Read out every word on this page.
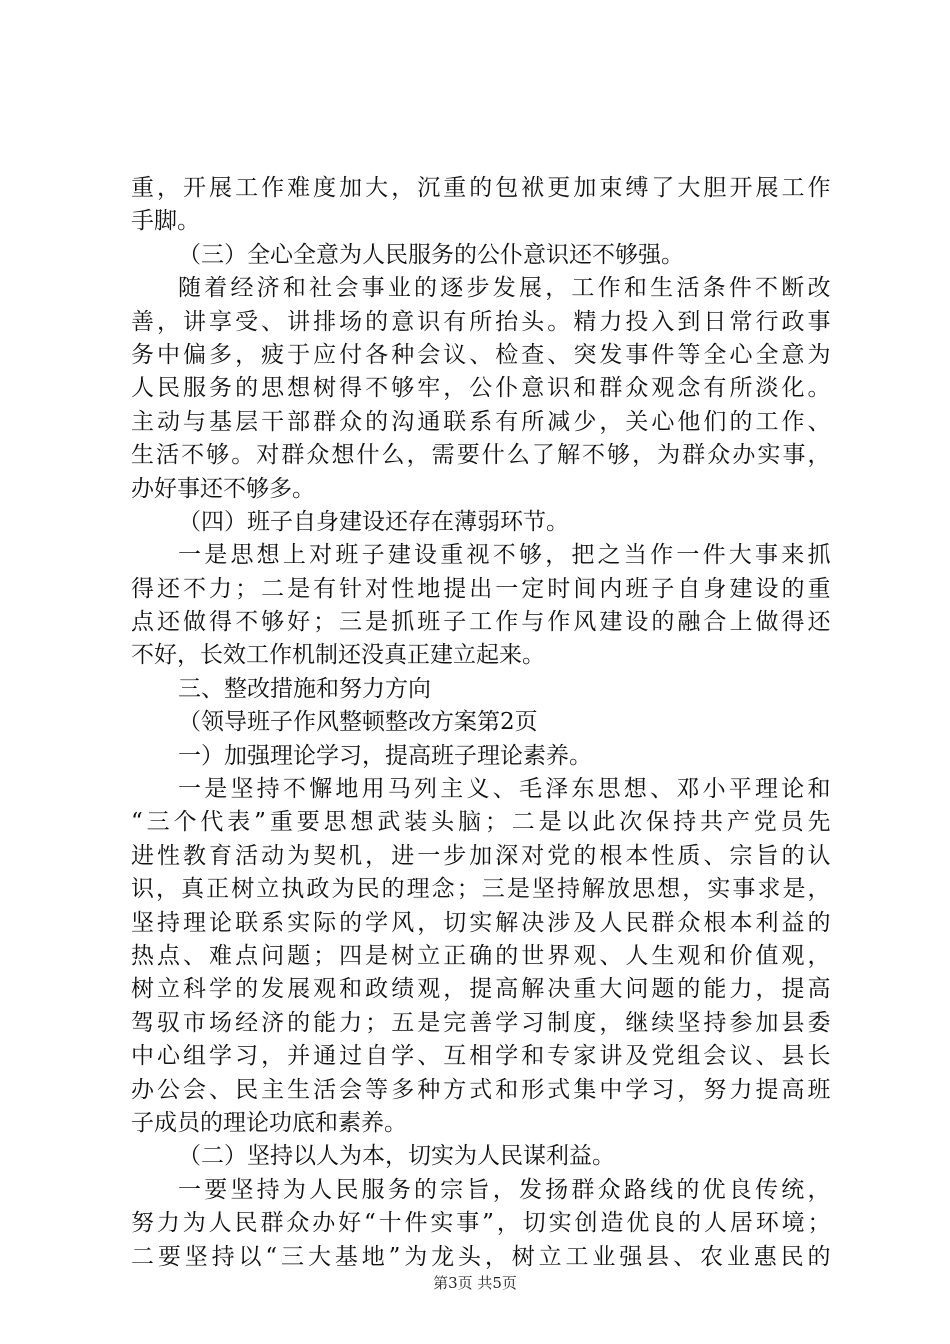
重，开展工作难度加大，沉重的包袱更加束缚了大胆开展工作
手脚。
（三）全心全意为人民服务的公仆意识还不够强。
随着经济和社会事业的逐步发展，工作和生活条件不断改
善，讲享受、讲排场的意识有所抬头。精力投入到日常行政事
务中偏多，疲于应付各种会议、检查、突发事件等全心全意为
人民服务的思想树得不够牢，公仆意识和群众观念有所淡化。
主动与基层干部群众的沟通联系有所减少，关心他们的工作、
生活不够。对群众想什么，需要什么了解不够，为群众办实事，
办好事还不够多。
（四）班子自身建设还存在薄弱环节。
一是思想上对班子建设重视不够，把之当作一件大事来抓
得还不力；二是有针对性地提出一定时间内班子自身建设的重
点还做得不够好；三是抓班子工作与作风建设的融合上做得还
不好，长效工作机制还没真正建立起来。
三、整改措施和努力方向
（领导班子作风整顿整改方案第2页
一）加强理论学习，提高班子理论素养。
一是坚持不懈地用马列主义、毛泽东思想、邓小平理论和
“三个代表”重要思想武装头脑；二是以此次保持共产党员先
进性教育活动为契机，进一步加深对党的根本性质、宗旨的认
识，真正树立执政为民的理念；三是坚持解放思想，实事求是，
坚持理论联系实际的学风，切实解决涉及人民群众根本利益的
热点、难点问题；四是树立正确的世界观、人生观和价值观，
树立科学的发展观和政绩观，提高解决重大问题的能力，提高
驾驭市场经济的能力；五是完善学习制度，继续坚持参加县委
中心组学习，并通过自学、互相学和专家讲及党组会议、县长
办公会、民主生活会等多种方式和形式集中学习，努力提高班
子成员的理论功底和素养。
（二）坚持以人为本，切实为人民谋利益。
一要坚持为人民服务的宗旨，发扬群众路线的优良传统，
努力为人民群众办好“十件实事”，切实创造优良的人居环境；
二要坚持以“三大基地”为龙头，树立工业强县、农业惠民的
第3页 共5页
